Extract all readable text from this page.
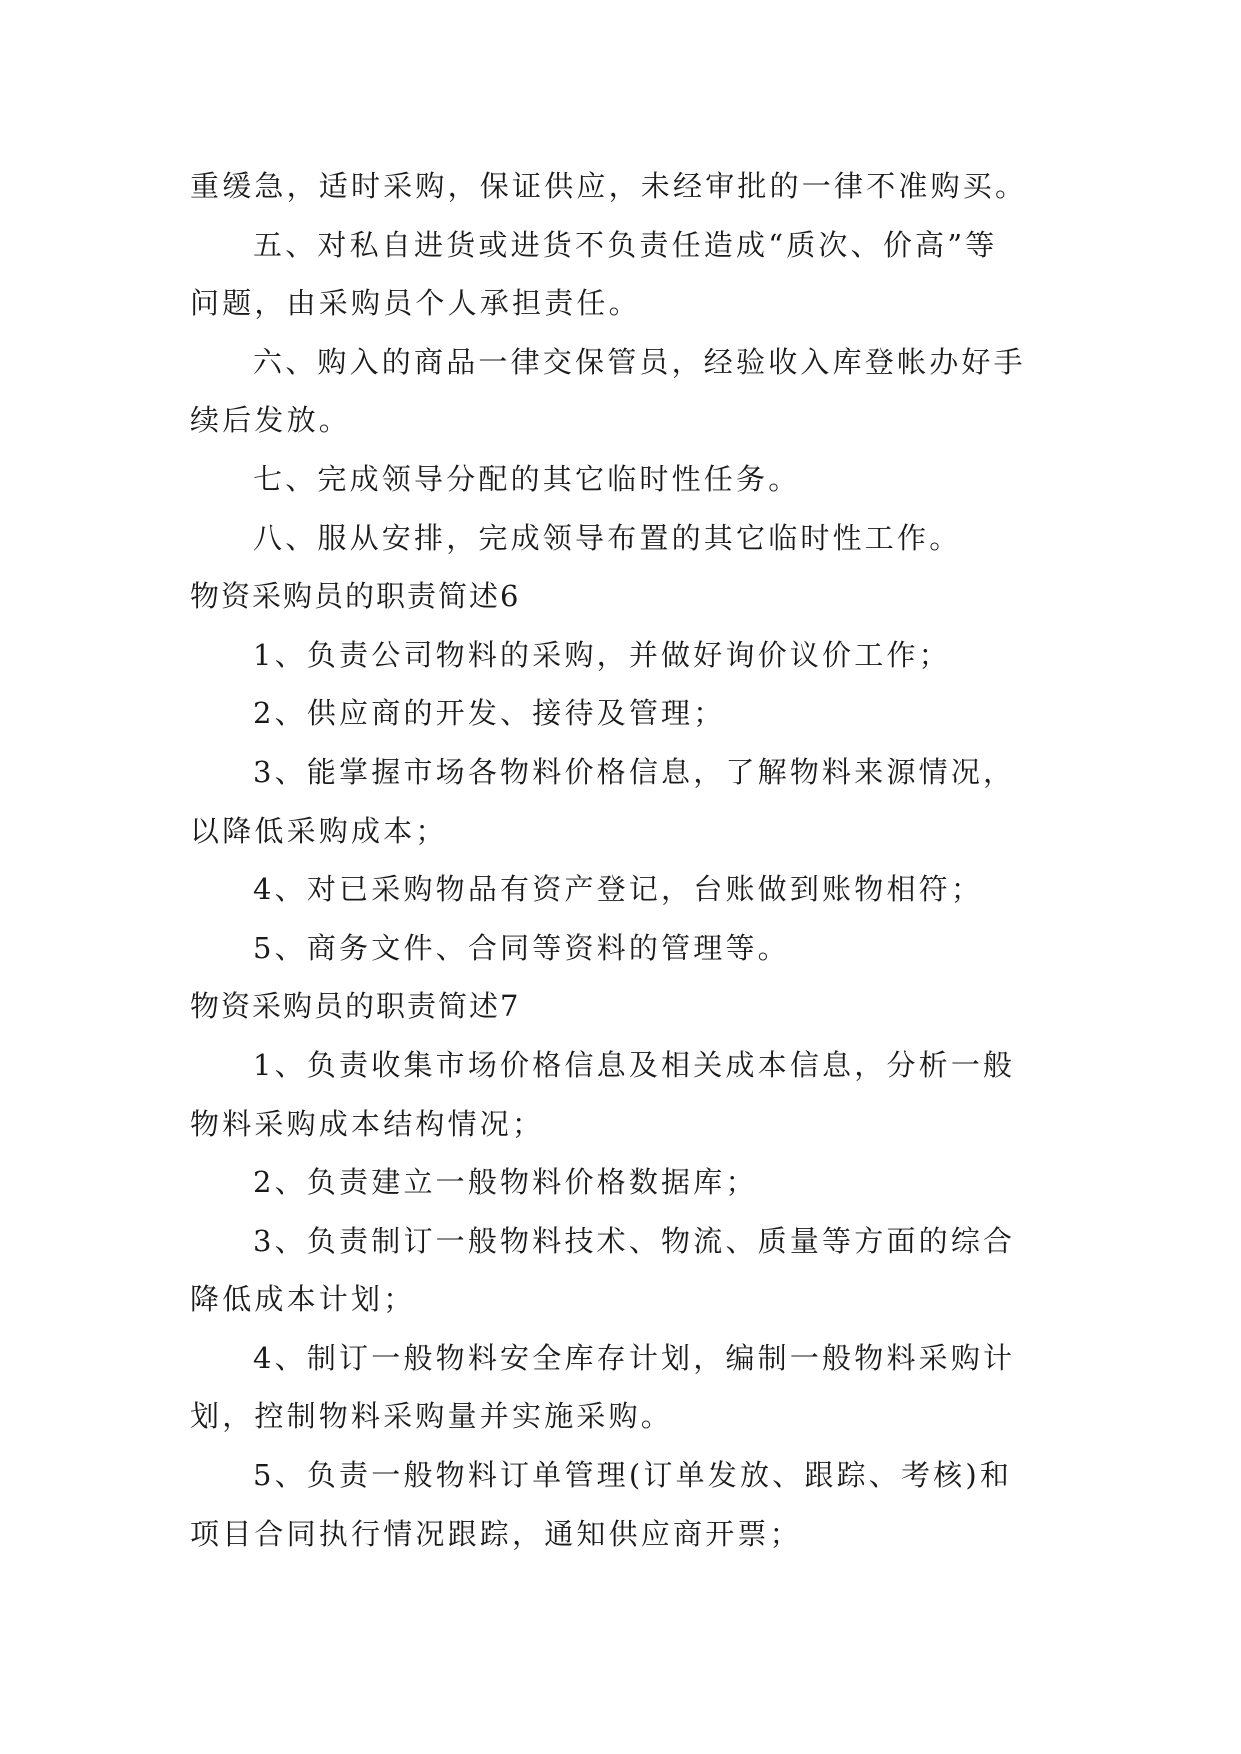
重缓急，适时采购，保证供应，未经审批的一律不准购买。
五、对私自进货或进货不负责任造成“质次、价高”等
问题，由采购员个人承担责任。
六、购入的商品一律交保管员，经验收入库登帐办好手
续后发放。
七、完成领导分配的其它临时性任务。
八、服从安排，完成领导布置的其它临时性工作。
物资采购员的职责简述6
1、负责公司物料的采购，并做好询价议价工作；
2、供应商的开发、接待及管理；
3、能掌握市场各物料价格信息，了解物料来源情况，
以降低采购成本；
4、对已采购物品有资产登记，台账做到账物相符；
5、商务文件、合同等资料的管理等。
物资采购员的职责简述7
1、负责收集市场价格信息及相关成本信息，分析一般
物料采购成本结构情况；
2、负责建立一般物料价格数据库；
3、负责制订一般物料技术、物流、质量等方面的综合
降低成本计划；
4、制订一般物料安全库存计划，编制一般物料采购计
划，控制物料采购量并实施采购。
5、负责一般物料订单管理(订单发放、跟踪、考核)和
项目合同执行情况跟踪，通知供应商开票；
